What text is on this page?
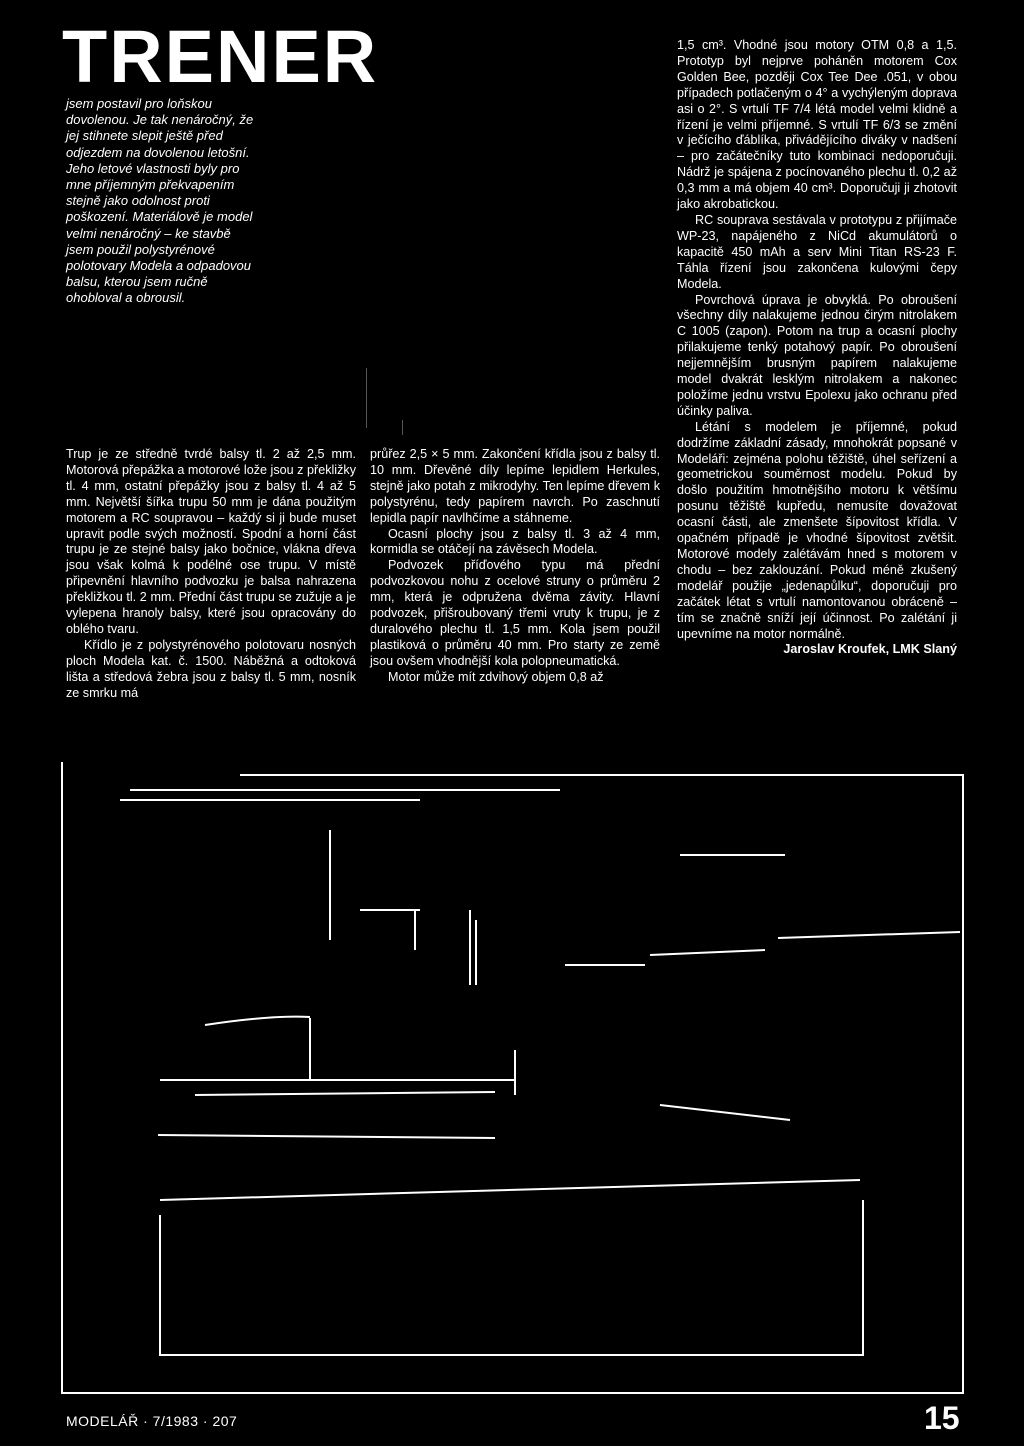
TRENER
jsem postavil pro loňskou dovolenou. Je tak nenáročný, že jej stihnete slepit ještě před odjezdem na dovolenou letošní. Jeho letové vlastnosti byly pro mne příjemným překvapením stejně jako odolnost proti poškození. Materiálově je model velmi nenáročný – ke stavbě jsem použil polystyrénové polotovary Modela a odpadovou balsu, kterou jsem ručně ohobloval a obrousil.

Trup je ze středně tvrdé balsy tl. 2 až 2,5 mm. Motorová přepážka a motorové lože jsou z překližky tl. 4 mm, ostatní přepážky jsou z balsy tl. 4 až 5 mm. Největší šířka trupu 50 mm je dána použitým motorem a RC soupravou – každý si ji bude muset upravit podle svých možností. Spodní a horní část trupu je ze stejné balsy jako bočnice, vlákna dřeva jsou však kolmá k podélné ose trupu. V místě připevnění hlavního podvozku je balsa nahrazena překližkou tl. 2 mm. Přední část trupu se zužuje a je vylepena hranoly balsy, které jsou opracovány do oblého tvaru.

Křídlo je z polystyrénového polotovaru nosných ploch Modela kat. č. 1500. Náběžná a odtoková lišta a středová žebra jsou z balsy tl. 5 mm, nosník ze smrku má

průřez 2,5 × 5 mm. Zakončení křídla jsou z balsy tl. 10 mm. Dřevěné díly lepíme lepidlem Herkules, stejně jako potah z mikrodyhy. Ten lepíme dřevem k polystyrénu, tedy papírem navrch. Po zaschnutí lepidla papír navlhčíme a stáhneme.

Ocasní plochy jsou z balsy tl. 3 až 4 mm, kormidla se otáčejí na závěsech Modela.

Podvozek příďového typu má přední podvozkovou nohu z ocelové struny o průměru 2 mm, která je odpružena dvěma závity. Hlavní podvozek, přišroubovaný třemi vruty k trupu, je z duralového plechu tl. 1,5 mm. Kola jsem použil plastiková o průměru 40 mm. Pro starty ze země jsou ovšem vhodnější kola polopneumatická.

Motor může mít zdvihový objem 0,8 až

1,5 cm³. Vhodné jsou motory OTM 0,8 a 1,5. Prototyp byl nejprve poháněn motorem Cox Golden Bee, později Cox Tee Dee .051, v obou případech potlačeným o 4° a vychýleným doprava asi o 2°. S vrtulí TF 7/4 létá model velmi klidně a řízení je velmi příjemné. S vrtulí TF 6/3 se změní v ječícího ďáblíka, přivádějícího diváky v nadšení – pro začátečníky tuto kombinaci nedoporučuji. Nádrž je spájena z pocínovaného plechu tl. 0,2 až 0,3 mm a má objem 40 cm³. Doporučuji ji zhotovit jako akrobatickou.

RC souprava sestávala v prototypu z přijímače WP-23, napájeného z NiCd akumulátorů o kapacitě 450 mAh a serv Mini Titan RS-23 F. Táhla řízení jsou zakončena kulovými čepy Modela.

Povrchová úprava je obvyklá. Po obroušení všechny díly nalakujeme jednou čirým nitrolakem C 1005 (zapon). Potom na trup a ocasní plochy přilakujeme tenký potahový papír. Po obroušení nejjemnějším brusným papírem nalakujeme model dvakrát lesklým nitrolakem a nakonec položíme jednu vrstvu Epolexu jako ochranu před účinky paliva.

Létání s modelem je příjemné, pokud dodržíme základní zásady, mnohokrát popsané v Modeláři: zejména polohu těžiště, úhel seřízení a geometrickou souměrnost modelu. Pokud by došlo použitím hmotnějšího motoru k většímu posunu těžiště kupředu, nemusíte dovažovat ocasní části, ale zmenšete šípovitost křídla. V opačném případě je vhodné šípovitost zvětšit. Motorové modely zalétávám hned s motorem v chodu – bez zaklouzání. Pokud méně zkušený modelář použije „jedenapůlku“, doporučuji pro začátek létat s vrtulí namontovanou obráceně – tím se značně sníží její účinnost. Po zalétání ji upevníme na motor normálně.

Jaroslav Kroufek, LMK Slaný

MODELÁŘ · 7/1983 · 207	15
